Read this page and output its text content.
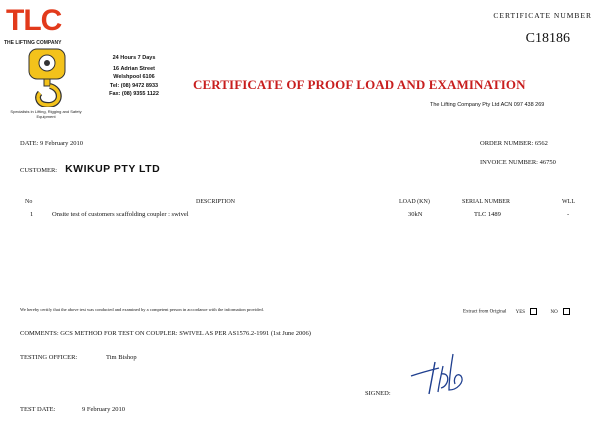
TLC
THE LIFTING COMPANY
Specialists in Lifting, Rigging and Safety Equipment
24 Hours 7 Days
16 Adrian Street
Welshpool 6106
Tel: (08) 9472 8933
Fax: (08) 9355 1122
CERTIFICATE NUMBER
C18186
CERTIFICATE OF PROOF LOAD AND EXAMINATION
The Lifting Company Pty Ltd ACN 097 438 269
DATE: 9 February 2010	ORDER NUMBER: 6562
CUSTOMER: KWIKUP PTY LTD
INVOICE NUMBER: 46750
No	DESCRIPTION	LOAD (KN)	SERIAL NUMBER	WLL
1	Onsite test of customers scaffolding coupler : swivel	30kN	TLC 1489	-
We hereby certify that the above test was conducted and examined by a competent person in accordance with the information provided.
Extract from Original YES	NO
COMMENTS: GCS METHOD FOR TEST ON COUPLER: SWIVEL AS PER AS1576.2-1991 (1st June 2006)
TESTING OFFICER:	Tim Bishop
SIGNED:
TEST DATE:	9 February 2010
